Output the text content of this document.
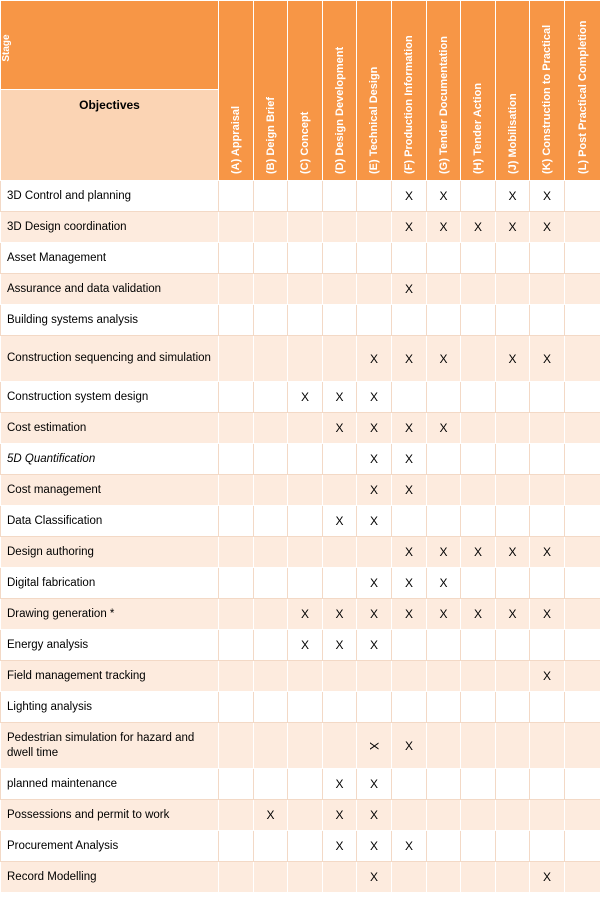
Stage
Objectives	(A) Appraisal	(B) Deign Brief	(C) Concept	(D) Design Development	(E) Technical Design	(F) Production Information	(G) Tender Documentation	(H) Tender Action	(J) Mobilisation	(K) Construction to Practical	(L) Post Practical Completion

3D Control and planning						X	X		X	X	
3D Design coordination						X	X	X	X	X	
Asset Management											
Assurance and data validation						X					
Building systems analysis											
Construction sequencing and simulation					X	X	X		X	X	
Construction system design			X	X	X						
Cost estimation				X	X	X	X				
5D Quantification					X	X					
Cost management					X	X					
Data Classification				X	X						
Design authoring						X	X	X	X	X	
Digital fabrication					X	X	X				
Drawing generation *			X	X	X	X	X	X	X	X	
Energy analysis			X	X	X						
Field management tracking										X	
Lighting analysis											
Pedestrian simulation for hazard and dwell time					X	X					
planned maintenance				X	X						
Possessions and permit to work		X		X	X						
Procurement Analysis				X	X	X					
Record Modelling					X					X	
